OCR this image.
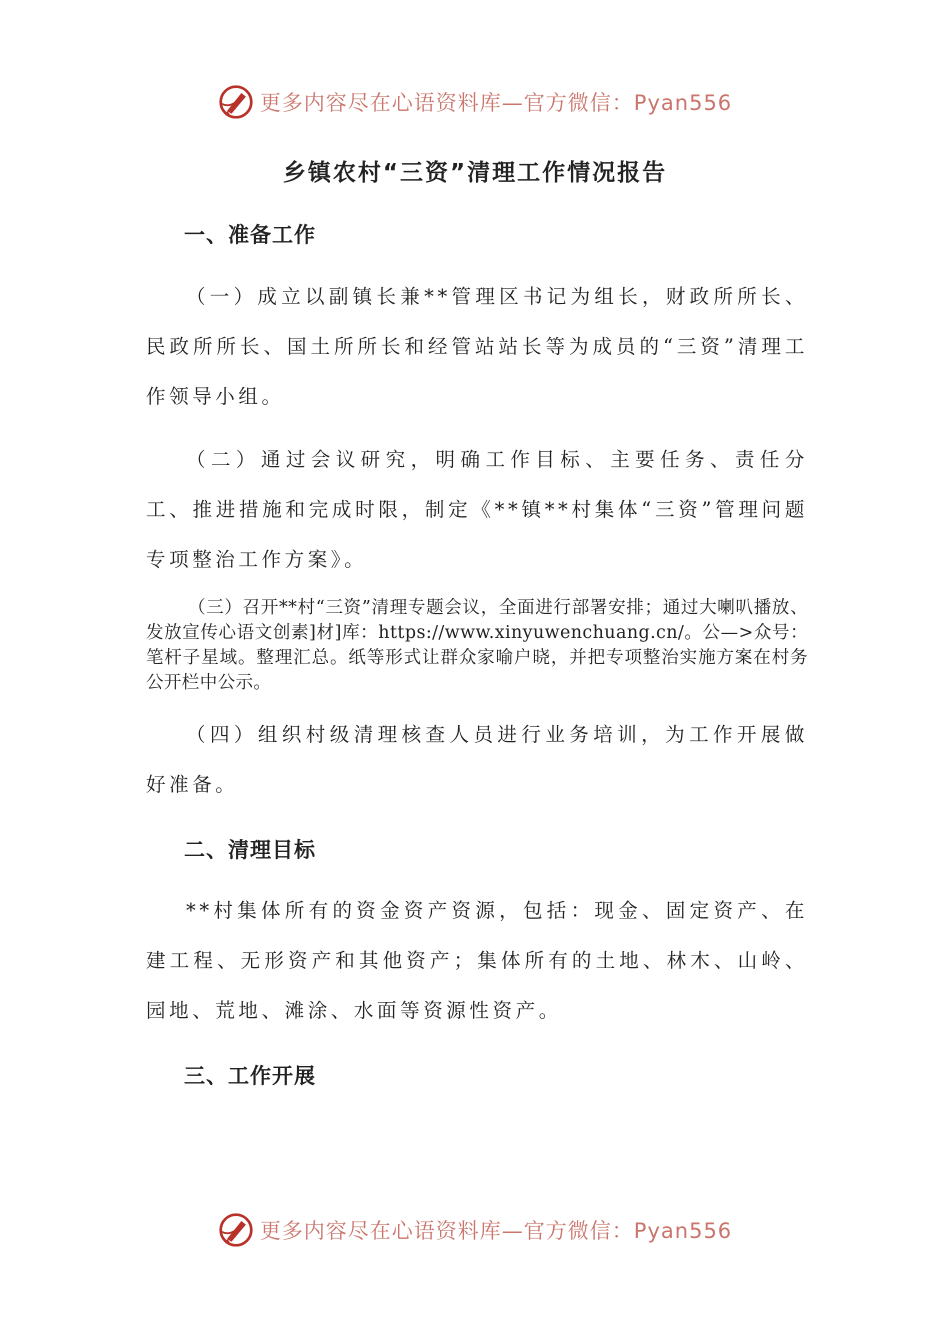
更多内容尽在心语资料库—官方微信：Pyan556
乡镇农村“三资”清理工作情况报告
一、准备工作

（一）成立以副镇长兼**管理区书记为组长，财政所所长、民政所所长、国土所所长和经管站站长等为成员的“三资”清理工作领导小组。

（二）通过会议研究，明确工作目标、主要任务、责任分工、推进措施和完成时限，制定《**镇**村集体“三资”管理问题专项整治工作方案》。

（三）召开**村“三资”清理专题会议，全面进行部署安排；通过大喇叭播放、发放宣传心语文创素]材]库：https://www.xinyuwenchuang.cn/。公—>众号：笔杆子星域。整理汇总。纸等形式让群众家喻户晓，并把专项整治实施方案在村务公开栏中公示。

（四）组织村级清理核查人员进行业务培训，为工作开展做好准备。

二、清理目标

**村集体所有的资金资产资源，包括：现金、固定资产、在建工程、无形资产和其他资产；集体所有的土地、林木、山岭、园地、荒地、滩涂、水面等资源性资产。

三、工作开展
更多内容尽在心语资料库—官方微信：Pyan556
